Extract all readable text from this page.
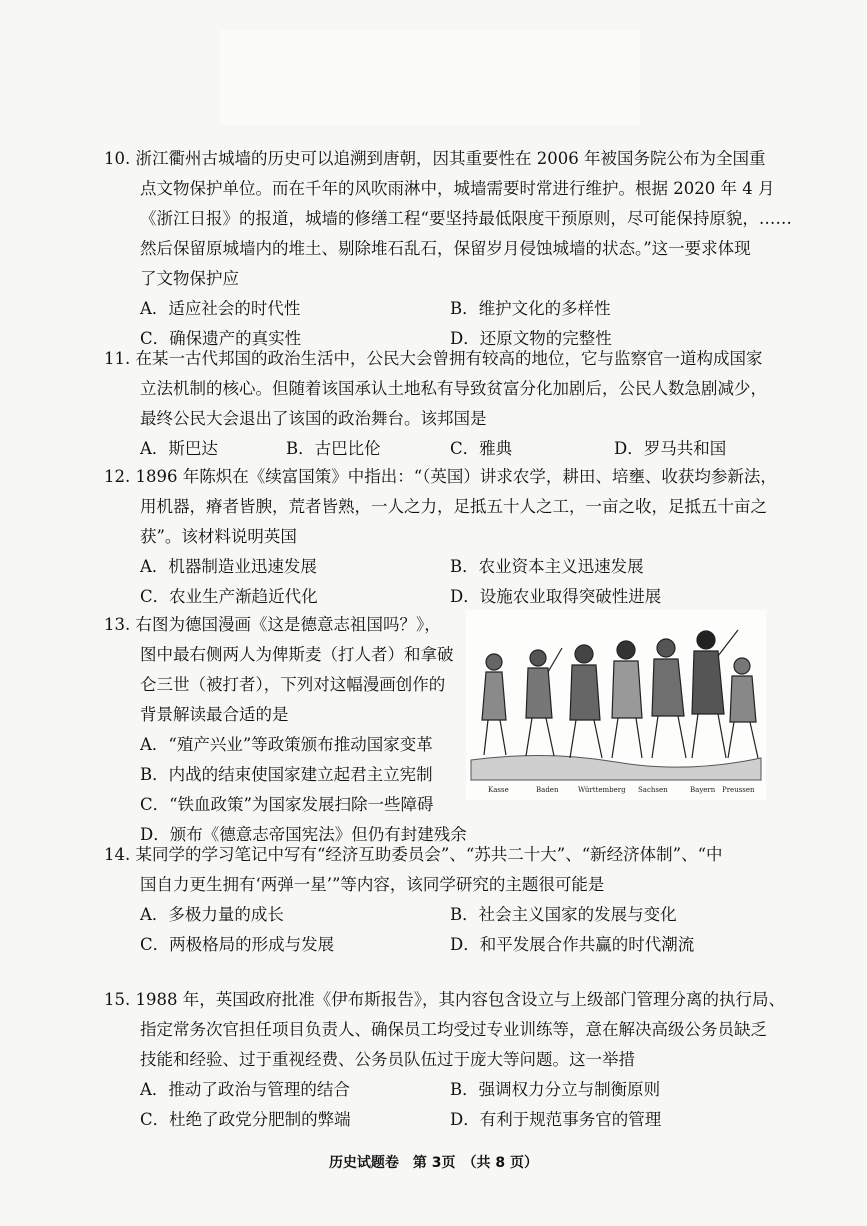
10. 浙江衢州古城墙的历史可以追溯到唐朝，因其重要性在 2006 年被国务院公布为全国重
点文物保护单位。而在千年的风吹雨淋中，城墙需要时常进行维护。根据 2020 年 4 月
《浙江日报》的报道，城墙的修缮工程“要坚持最低限度干预原则，尽可能保持原貌，……
然后保留原城墙内的堆土、剔除堆石乱石，保留岁月侵蚀城墙的状态。”这一要求体现
了文物保护应
A．适应社会的时代性	B．维护文化的多样性
C．确保遗产的真实性	D．还原文物的完整性
11. 在某一古代邦国的政治生活中，公民大会曾拥有较高的地位，它与监察官一道构成国家
立法机制的核心。但随着该国承认土地私有导致贫富分化加剧后，公民人数急剧减少，
最终公民大会退出了该国的政治舞台。该邦国是
A．斯巴达	B．古巴比伦	C．雅典	D．罗马共和国
12. 1896 年陈炽在《续富国策》中指出：“（英国）讲求农学，耕田、培壅、收获均参新法，
用机器，瘠者皆腴，荒者皆熟，一人之力，足抵五十人之工，一亩之收，足抵五十亩之
获”。该材料说明英国
A．机器制造业迅速发展	B．农业资本主义迅速发展
C．农业生产渐趋近代化	D．设施农业取得突破性进展
13. 右图为德国漫画《这是德意志祖国吗？》，
图中最右侧两人为俾斯麦（打人者）和拿破
仑三世（被打者），下列对这幅漫画创作的
背景解读最合适的是
A．“殖产兴业”等政策颁布推动国家变革
B．内战的结束使国家建立起君主立宪制
C．“铁血政策”为国家发展扫除一些障碍
D．颁布《德意志帝国宪法》但仍有封建残余
Kasse	Baden	Württemberg Sachsen	Bayern Preussen
14. 某同学的学习笔记中写有“经济互助委员会”、“苏共二十大”、“新经济体制”、“中
国自力更生拥有‘两弹一星’”等内容，该同学研究的主题很可能是
A．多极力量的成长	B．社会主义国家的发展与变化
C．两极格局的形成与发展	D．和平发展合作共赢的时代潮流
15. 1988 年，英国政府批准《伊布斯报告》，其内容包含设立与上级部门管理分离的执行局、
指定常务次官担任项目负责人、确保员工均受过专业训练等，意在解决高级公务员缺乏
技能和经验、过于重视经费、公务员队伍过于庞大等问题。这一举措
A．推动了政治与管理的结合	B．强调权力分立与制衡原则
C．杜绝了政党分肥制的弊端	D．有利于规范事务官的管理
历史试题卷　第 3页　（共 8 页）
